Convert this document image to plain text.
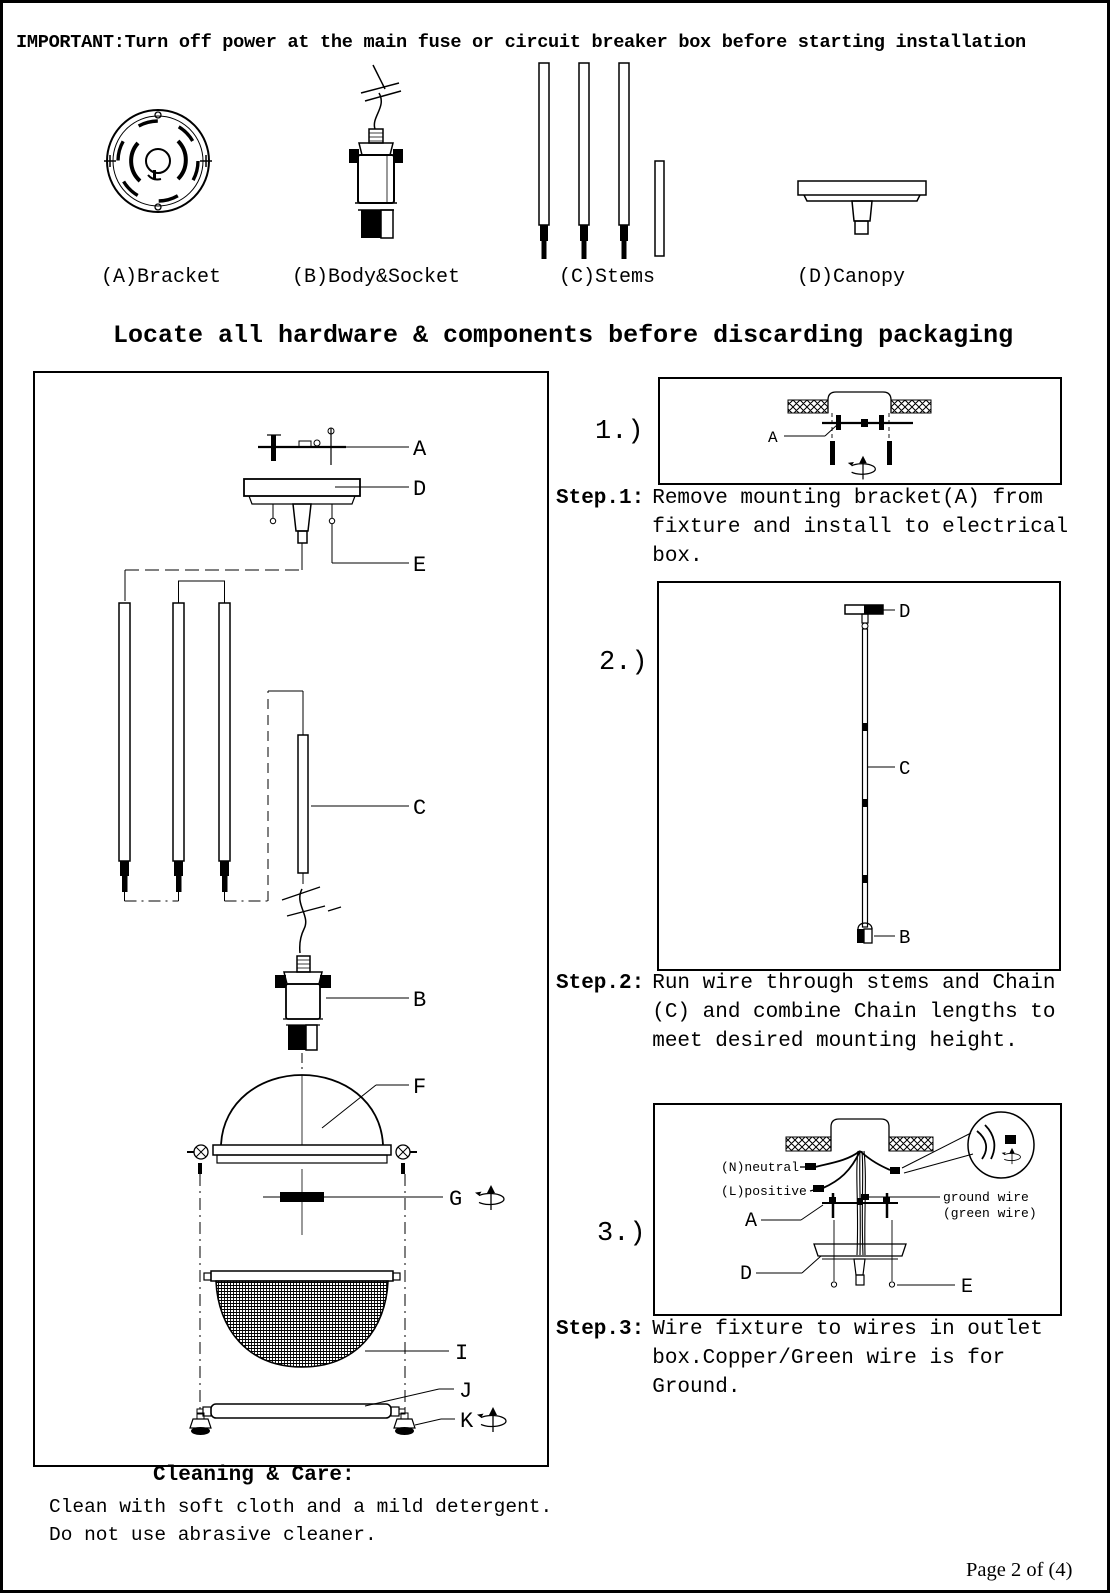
IMPORTANT:Turn off power at the main fuse or circuit breaker box before starting installation
(A)Bracket	(B)Body&Socket	(C)Stems	(D)Canopy
Locate all hardware & components before discarding packaging
A
D
E
C
B
F
G
I
J
K
1.)	A
Step.1: Remove mounting bracket(A) from
fixture and install to electrical
box.
2.)
D
C
B
Step.2: Run wire through stems and Chain
(C) and combine Chain lengths to
meet desired mounting height.
3.)
(N)neutral
(L)positive	ground wire
(green wire)
A
D
E
Step.3: Wire fixture to wires in outlet
box.Copper/Green wire is for
Ground.
Cleaning & Care:
Clean with soft cloth and a mild detergent.
Do not use abrasive cleaner.
Page 2 of (4)
